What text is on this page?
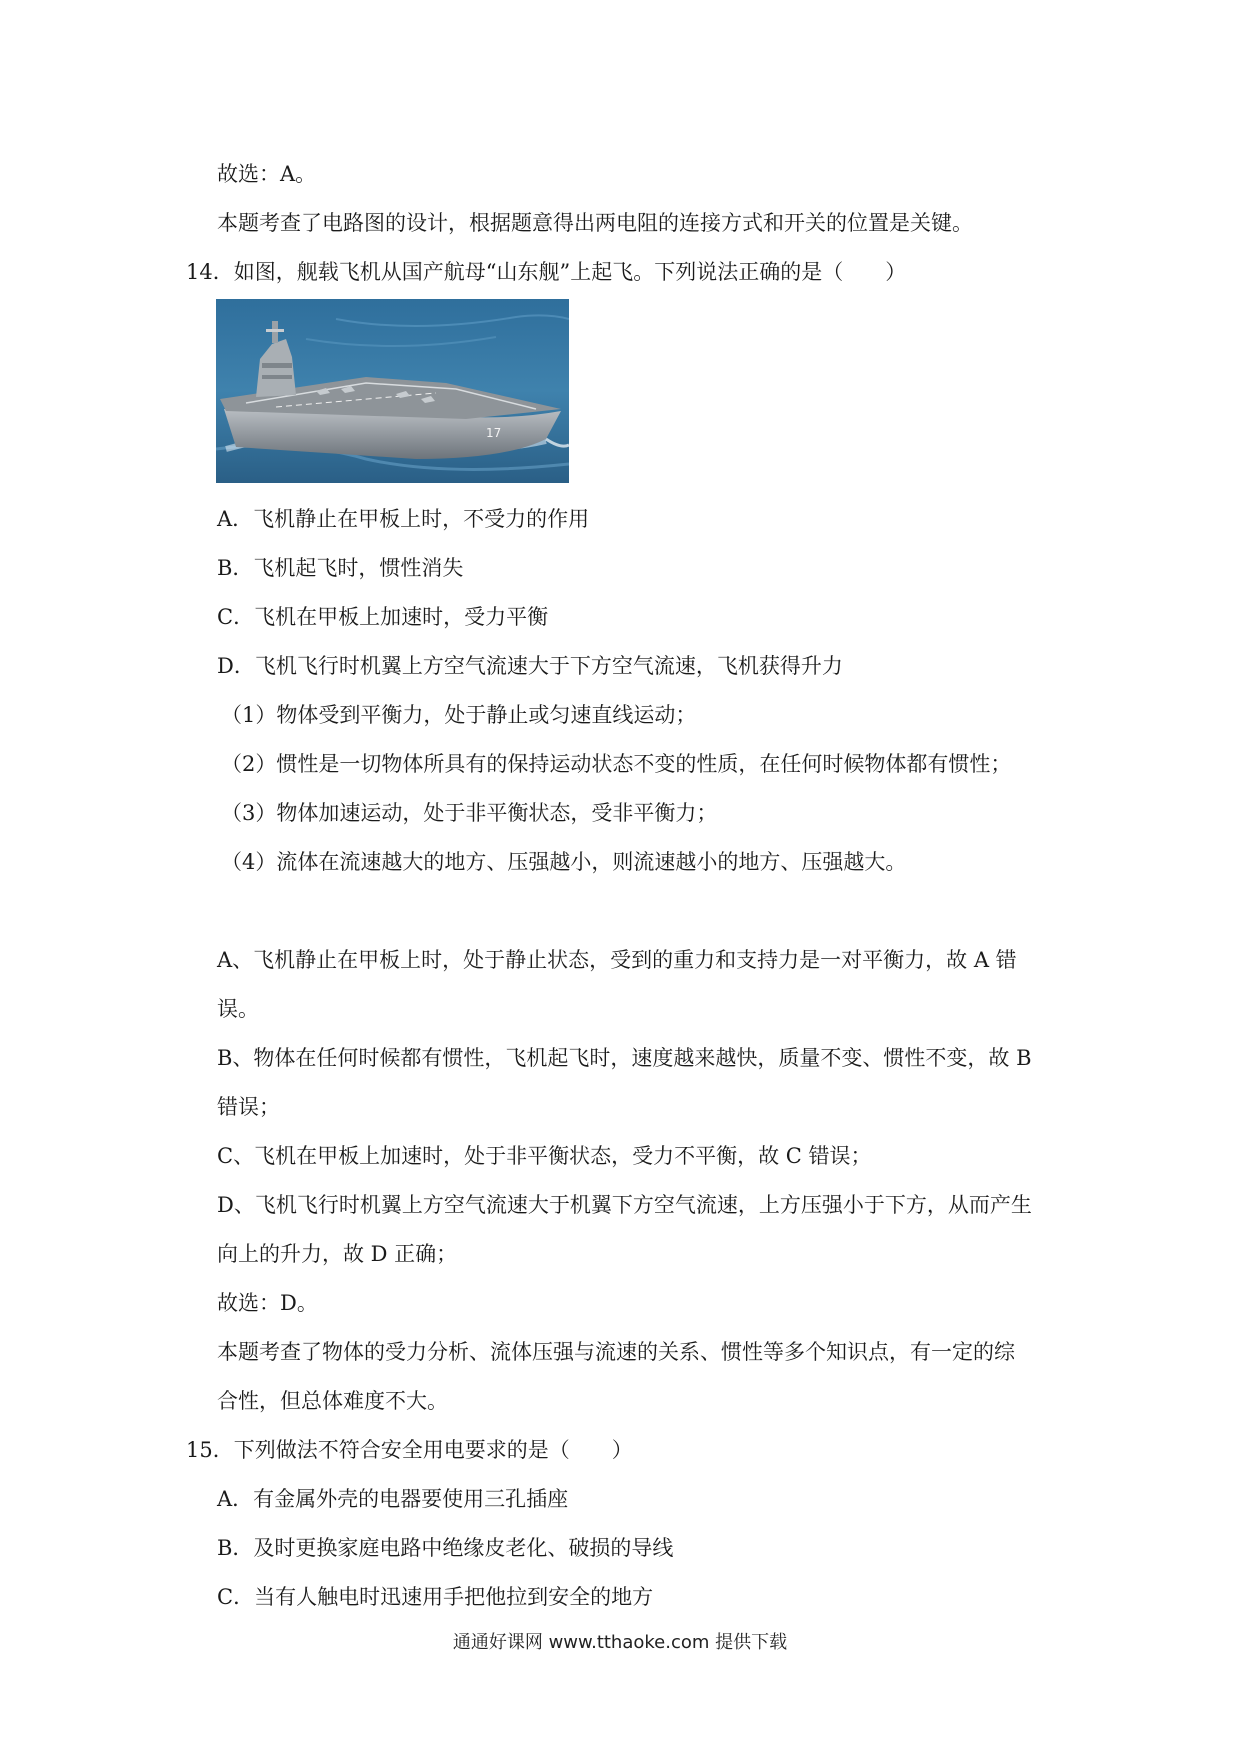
故选：A。
本题考查了电路图的设计，根据题意得出两电阻的连接方式和开关的位置是关键。
14．如图，舰载飞机从国产航母“山东舰”上起飞。下列说法正确的是（　　）
17
A．飞机静止在甲板上时，不受力的作用
B．飞机起飞时，惯性消失
C．飞机在甲板上加速时，受力平衡
D．飞机飞行时机翼上方空气流速大于下方空气流速，飞机获得升力
（1）物体受到平衡力，处于静止或匀速直线运动；
（2）惯性是一切物体所具有的保持运动状态不变的性质，在任何时候物体都有惯性；
（3）物体加速运动，处于非平衡状态，受非平衡力；
（4）流体在流速越大的地方、压强越小，则流速越小的地方、压强越大。
A、飞机静止在甲板上时，处于静止状态，受到的重力和支持力是一对平衡力，故 A 错
误。
B、物体在任何时候都有惯性，飞机起飞时，速度越来越快，质量不变、惯性不变，故 B
错误；
C、飞机在甲板上加速时，处于非平衡状态，受力不平衡，故 C 错误；
D、飞机飞行时机翼上方空气流速大于机翼下方空气流速，上方压强小于下方，从而产生
向上的升力，故 D 正确；
故选：D。
本题考查了物体的受力分析、流体压强与流速的关系、惯性等多个知识点，有一定的综
合性，但总体难度不大。
15．下列做法不符合安全用电要求的是（　　）
A．有金属外壳的电器要使用三孔插座
B．及时更换家庭电路中绝缘皮老化、破损的导线
C．当有人触电时迅速用手把他拉到安全的地方
通通好课网 www.tthaoke.com 提供下载
